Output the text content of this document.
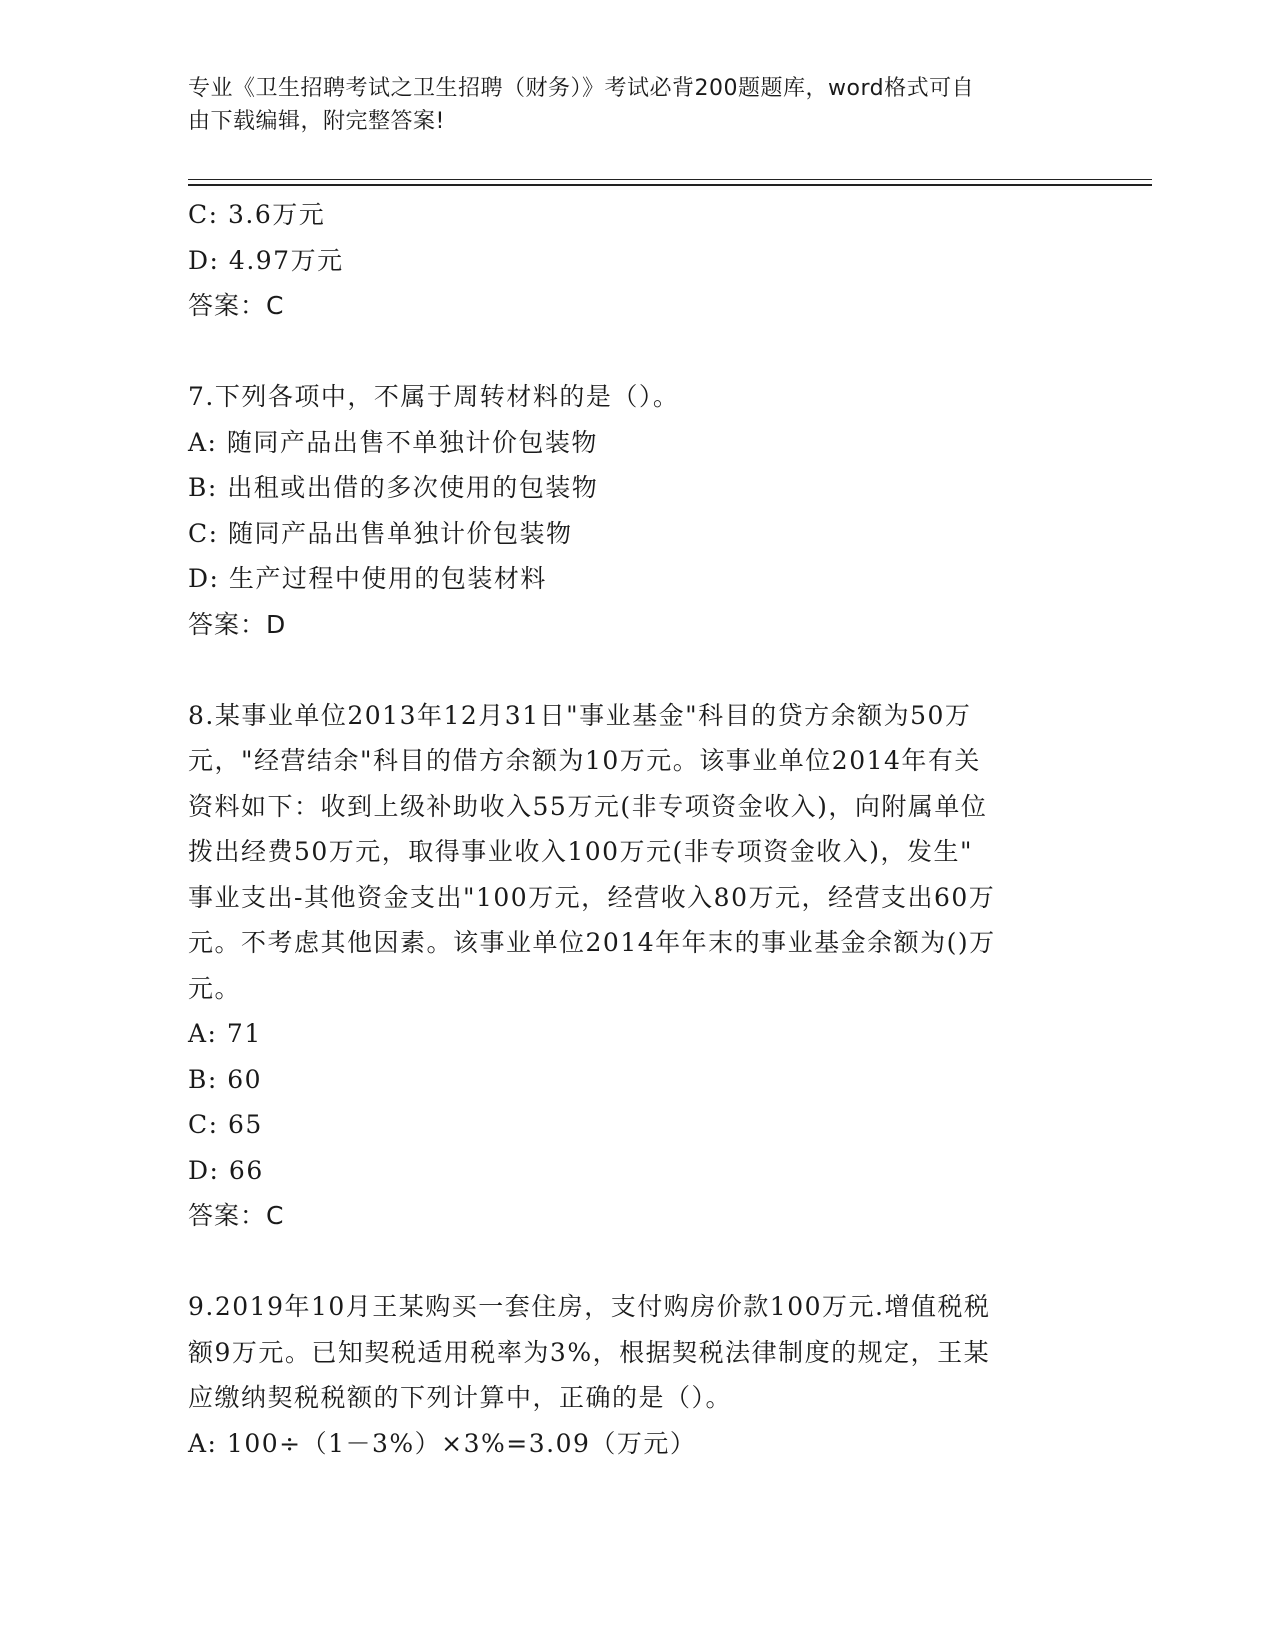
专业《卫生招聘考试之卫生招聘（财务）》考试必背200题题库，word格式可自
由下载编辑，附完整答案!
C: 3.6万元
D: 4.97万元
答案：C
7.下列各项中，不属于周转材料的是（）。
A: 随同产品出售不单独计价包装物
B: 出租或出借的多次使用的包装物
C: 随同产品出售单独计价包装物
D: 生产过程中使用的包装材料
答案：D
8.某事业单位2013年12月31日"事业基金"科目的贷方余额为50万
元，"经营结余"科目的借方余额为10万元。该事业单位2014年有关
资料如下：收到上级补助收入55万元(非专项资金收入)，向附属单位
拨出经费50万元，取得事业收入100万元(非专项资金收入)，发生"
事业支出-其他资金支出"100万元，经营收入80万元，经营支出60万
元。不考虑其他因素。该事业单位2014年年末的事业基金余额为()万
元。
A: 71
B: 60
C: 65
D: 66
答案：C
9.2019年10月王某购买一套住房，支付购房价款100万元.增值税税
额9万元。已知契税适用税率为3%，根据契税法律制度的规定，王某
应缴纳契税税额的下列计算中，正确的是（）。
A: 100÷（1－3%）×3%=3.09（万元）
